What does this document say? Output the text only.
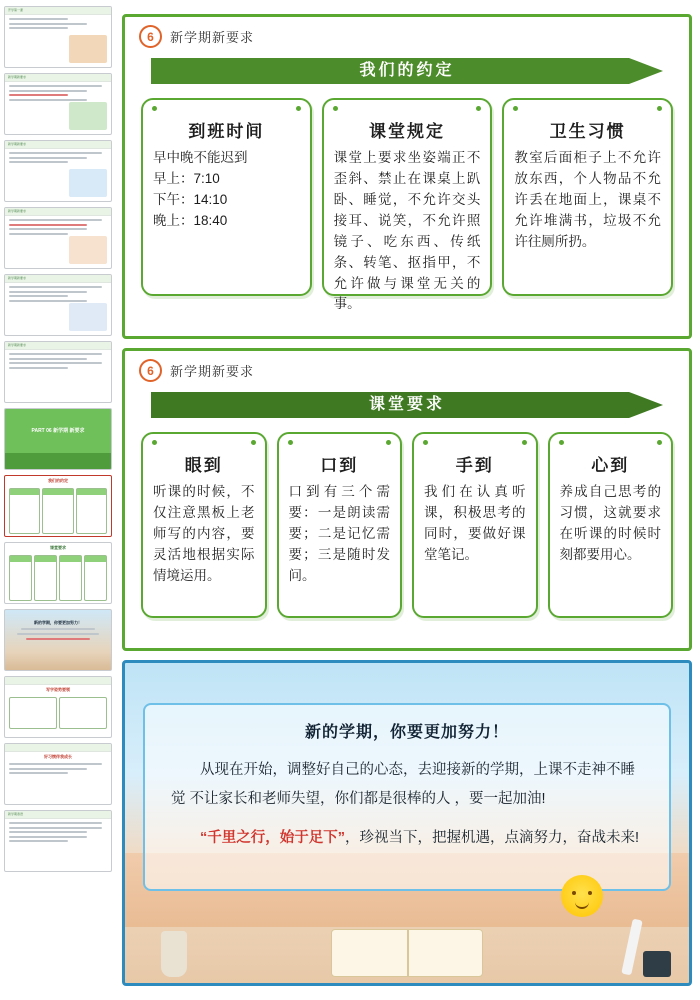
开学第一课
新学期新要求
新学期新要求
新学期新要求
新学期新要求
新学期新要求
PART 06 新学期 新要求
我们的约定
课堂要求
新的学期，你要更加努力！
写字姿势要领
好习惯伴我成长
新学期寄语
6	新学期新要求
我们的约定
到班时间

早中晚不能迟到
早上：7:10
下午：14:10
晚上：18:40

课堂规定

课堂上要求坐姿端正不歪斜、禁止在课桌上趴卧、睡觉，不允许交头接耳、说笑，不允许照镜子、吃东西、传纸条、转笔、抠指甲，不允许做与课堂无关的事。

卫生习惯

教室后面柜子上不允许放东西，个人物品不允许丢在地面上，课桌不允许堆满书，垃圾不允许往厕所扔。

6	新学期新要求
课堂要求
眼到

听课的时候，不仅注意黑板上老师写的内容，要灵活地根据实际情境运用。

口到

口到有三个需要：一是朗读需要；二是记忆需要；三是随时发问。

手到

我们在认真听课，积极思考的同时，要做好课堂笔记。

心到

养成自己思考的习惯，这就要求在听课的时候时刻都要用心。

新的学期，你要更加努力！
从现在开始，调整好自己的心态，去迎接新的学期，上课不走神不睡觉 不让家长和老师失望，你们都是很棒的人 ，要一起加油!
“千里之行，始于足下”，珍视当下，把握机遇，点滴努力，奋战未来!
